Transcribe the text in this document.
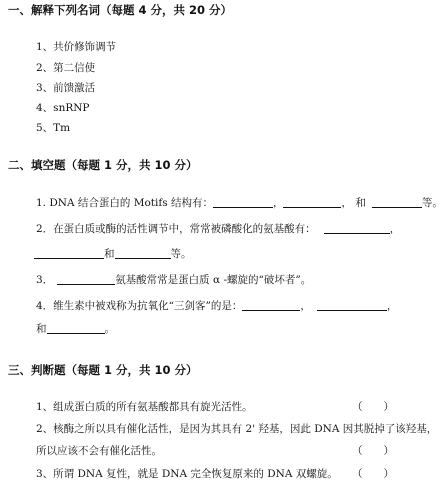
一、解释下列名词（每题 4 分，共 20 分）
1、共价修饰调节
2、第二信使
3、前馈激活
4、snRNP
5、Tm
二、填空题（每题 1 分，共 10 分）
1. DNA 结合蛋白的 Motifs 结构有：	，	， 和	等。
2．在蛋白质或酶的活性调节中，常常被磷酸化的氨基酸有：	，
和	等。
3．	氨基酸常常是蛋白质 α -螺旋的“破坏者”。
4．维生素中被戏称为抗氧化“三剑客”的是：	，	，
和	。
三、判断题（每题 1 分，共 10 分）
1、组成蛋白质的所有氨基酸都具有旋光活性。	（　　）
2、核酶之所以具有催化活性，是因为其具有 2' 羟基，因此 DNA 因其脱掉了该羟基，
所以应该不会有催化活性。	（　　）
3、所谓 DNA 复性，就是 DNA 完全恢复原来的 DNA 双螺旋。 （　　）
